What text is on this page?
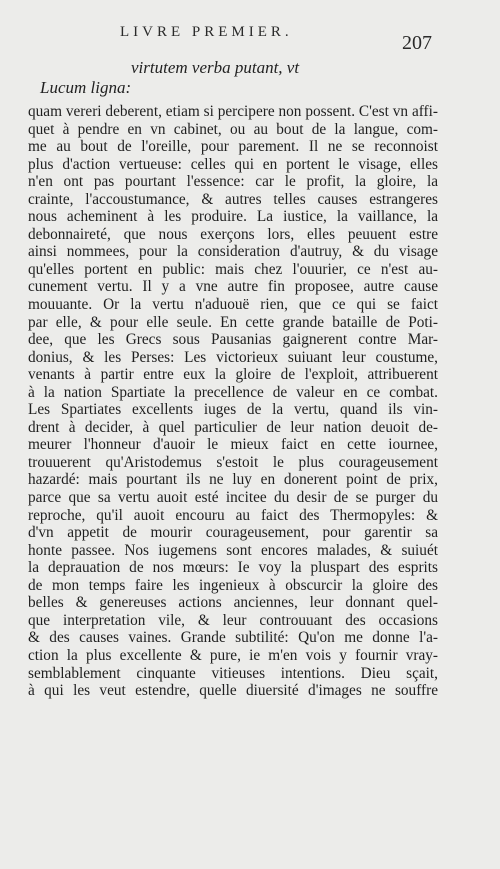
LIVRE PREMIER.	207
virtutem verba putant, vt
Lucum ligna:
quam vereri deberent, etiam si percipere non possent. C'est vn affi-
quet à pendre en vn cabinet, ou au bout de la langue, com-
me au bout de l'oreille, pour parement. Il ne se reconnoist
plus d'action vertueuse: celles qui en portent le visage, elles
n'en ont pas pourtant l'essence: car le profit, la gloire, la
crainte, l'accoustumance, & autres telles causes estrangeres
nous acheminent à les produire. La iustice, la vaillance, la
debonnaireté, que nous exerçons lors, elles peuuent estre
ainsi nommees, pour la consideration d'autruy, & du visage
qu'elles portent en public: mais chez l'ouurier, ce n'est au-
cunement vertu. Il y a vne autre fin proposee, autre cause
mouuante. Or la vertu n'aduouë rien, que ce qui se faict
par elle, & pour elle seule. En cette grande bataille de Poti-
dee, que les Grecs sous Pausanias gaignerent contre Mar-
donius, & les Perses: Les victorieux suiuant leur coustume,
venants à partir entre eux la gloire de l'exploit, attribuerent
à la nation Spartiate la precellence de valeur en ce combat.
Les Spartiates excellents iuges de la vertu, quand ils vin-
drent à decider, à quel particulier de leur nation deuoit de-
meurer l'honneur d'auoir le mieux faict en cette iournee,
trouuerent qu'Aristodemus s'estoit le plus courageusement
hazardé: mais pourtant ils ne luy en donerent point de prix,
parce que sa vertu auoit esté incitee du desir de se purger du
reproche, qu'il auoit encouru au faict des Thermopyles: &
d'vn appetit de mourir courageusement, pour garentir sa
honte passee. Nos iugemens sont encores malades, & suiuét
la deprauation de nos mœurs: Ie voy la pluspart des esprits
de mon temps faire les ingenieux à obscurcir la gloire des
belles & genereuses actions anciennes, leur donnant quel-
que interpretation vile, & leur controuuant des occasions
& des causes vaines. Grande subtilité: Qu'on me donne l'a-
ction la plus excellente & pure, ie m'en vois y fournir vray-
semblablement cinquante vitieuses intentions. Dieu sçait,
à qui les veut estendre, quelle diuersité d'images ne souffre
